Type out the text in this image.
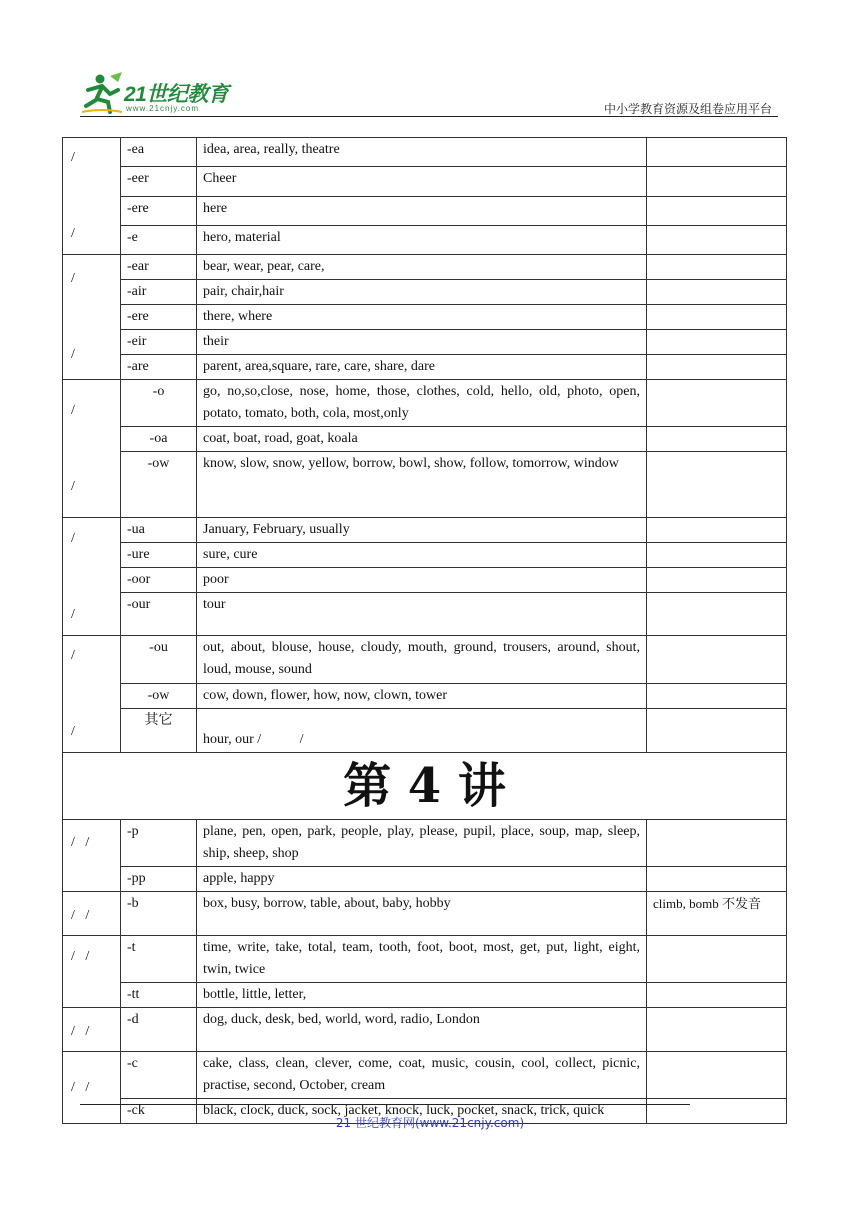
21世纪教育
www.21cnjy.com	中小学教育资源及组卷应用平台
/

/	-ea	idea, area, really, theatre	
	-eer	Cheer	
	-ere	here	
	-e	hero, material	
/

/	-ear	bear, wear, pear, care,	
	-air	pair, chair,hair	
	-ere	there, where	
	-eir	their	
	-are	parent, area,square, rare, care, share, dare	
/

/	-o	go, no,so,close, nose, home, those, clothes, cold, hello, old, photo, open, potato, tomato, both, cola, most,only	
	-oa	coat, boat, road, goat, koala	
	-ow	know, slow, snow, yellow, borrow, bowl, show, follow, tomorrow, window	
/

/	-ua	January, February, usually	
	-ure	sure, cure	
	-oor	poor	
	-our	tour	
/

/	-ou	out, about, blouse, house, cloudy, mouth, ground, trousers, around, shout, loud, mouse, sound	
	-ow	cow, down, flower, how, now, clown, tower	
	其它	hour, our /           /	
第 4 讲			
/   /	-p	plane, pen, open, park, people, play, please, pupil, place, soup, map, sleep, ship, sheep, shop	
	-pp	apple, happy	
/   /	-b	box, busy, borrow, table, about, baby, hobby	climb, bomb 不发音
/   /	-t	time, write, take, total, team, tooth, foot, boot, most, get, put, light, eight, twin, twice	
	-tt	bottle, little, letter,	
/   /	-d	dog, duck, desk, bed, world, word, radio, London	
/   /	-c	cake, class, clean, clever, come, coat, music, cousin, cool, collect, picnic, practise, second, October, cream	
	-ck	black, clock, duck, sock, jacket, knock, luck, pocket, snack, trick, quick	
21 世纪教育网(www.21cnjy.com)
